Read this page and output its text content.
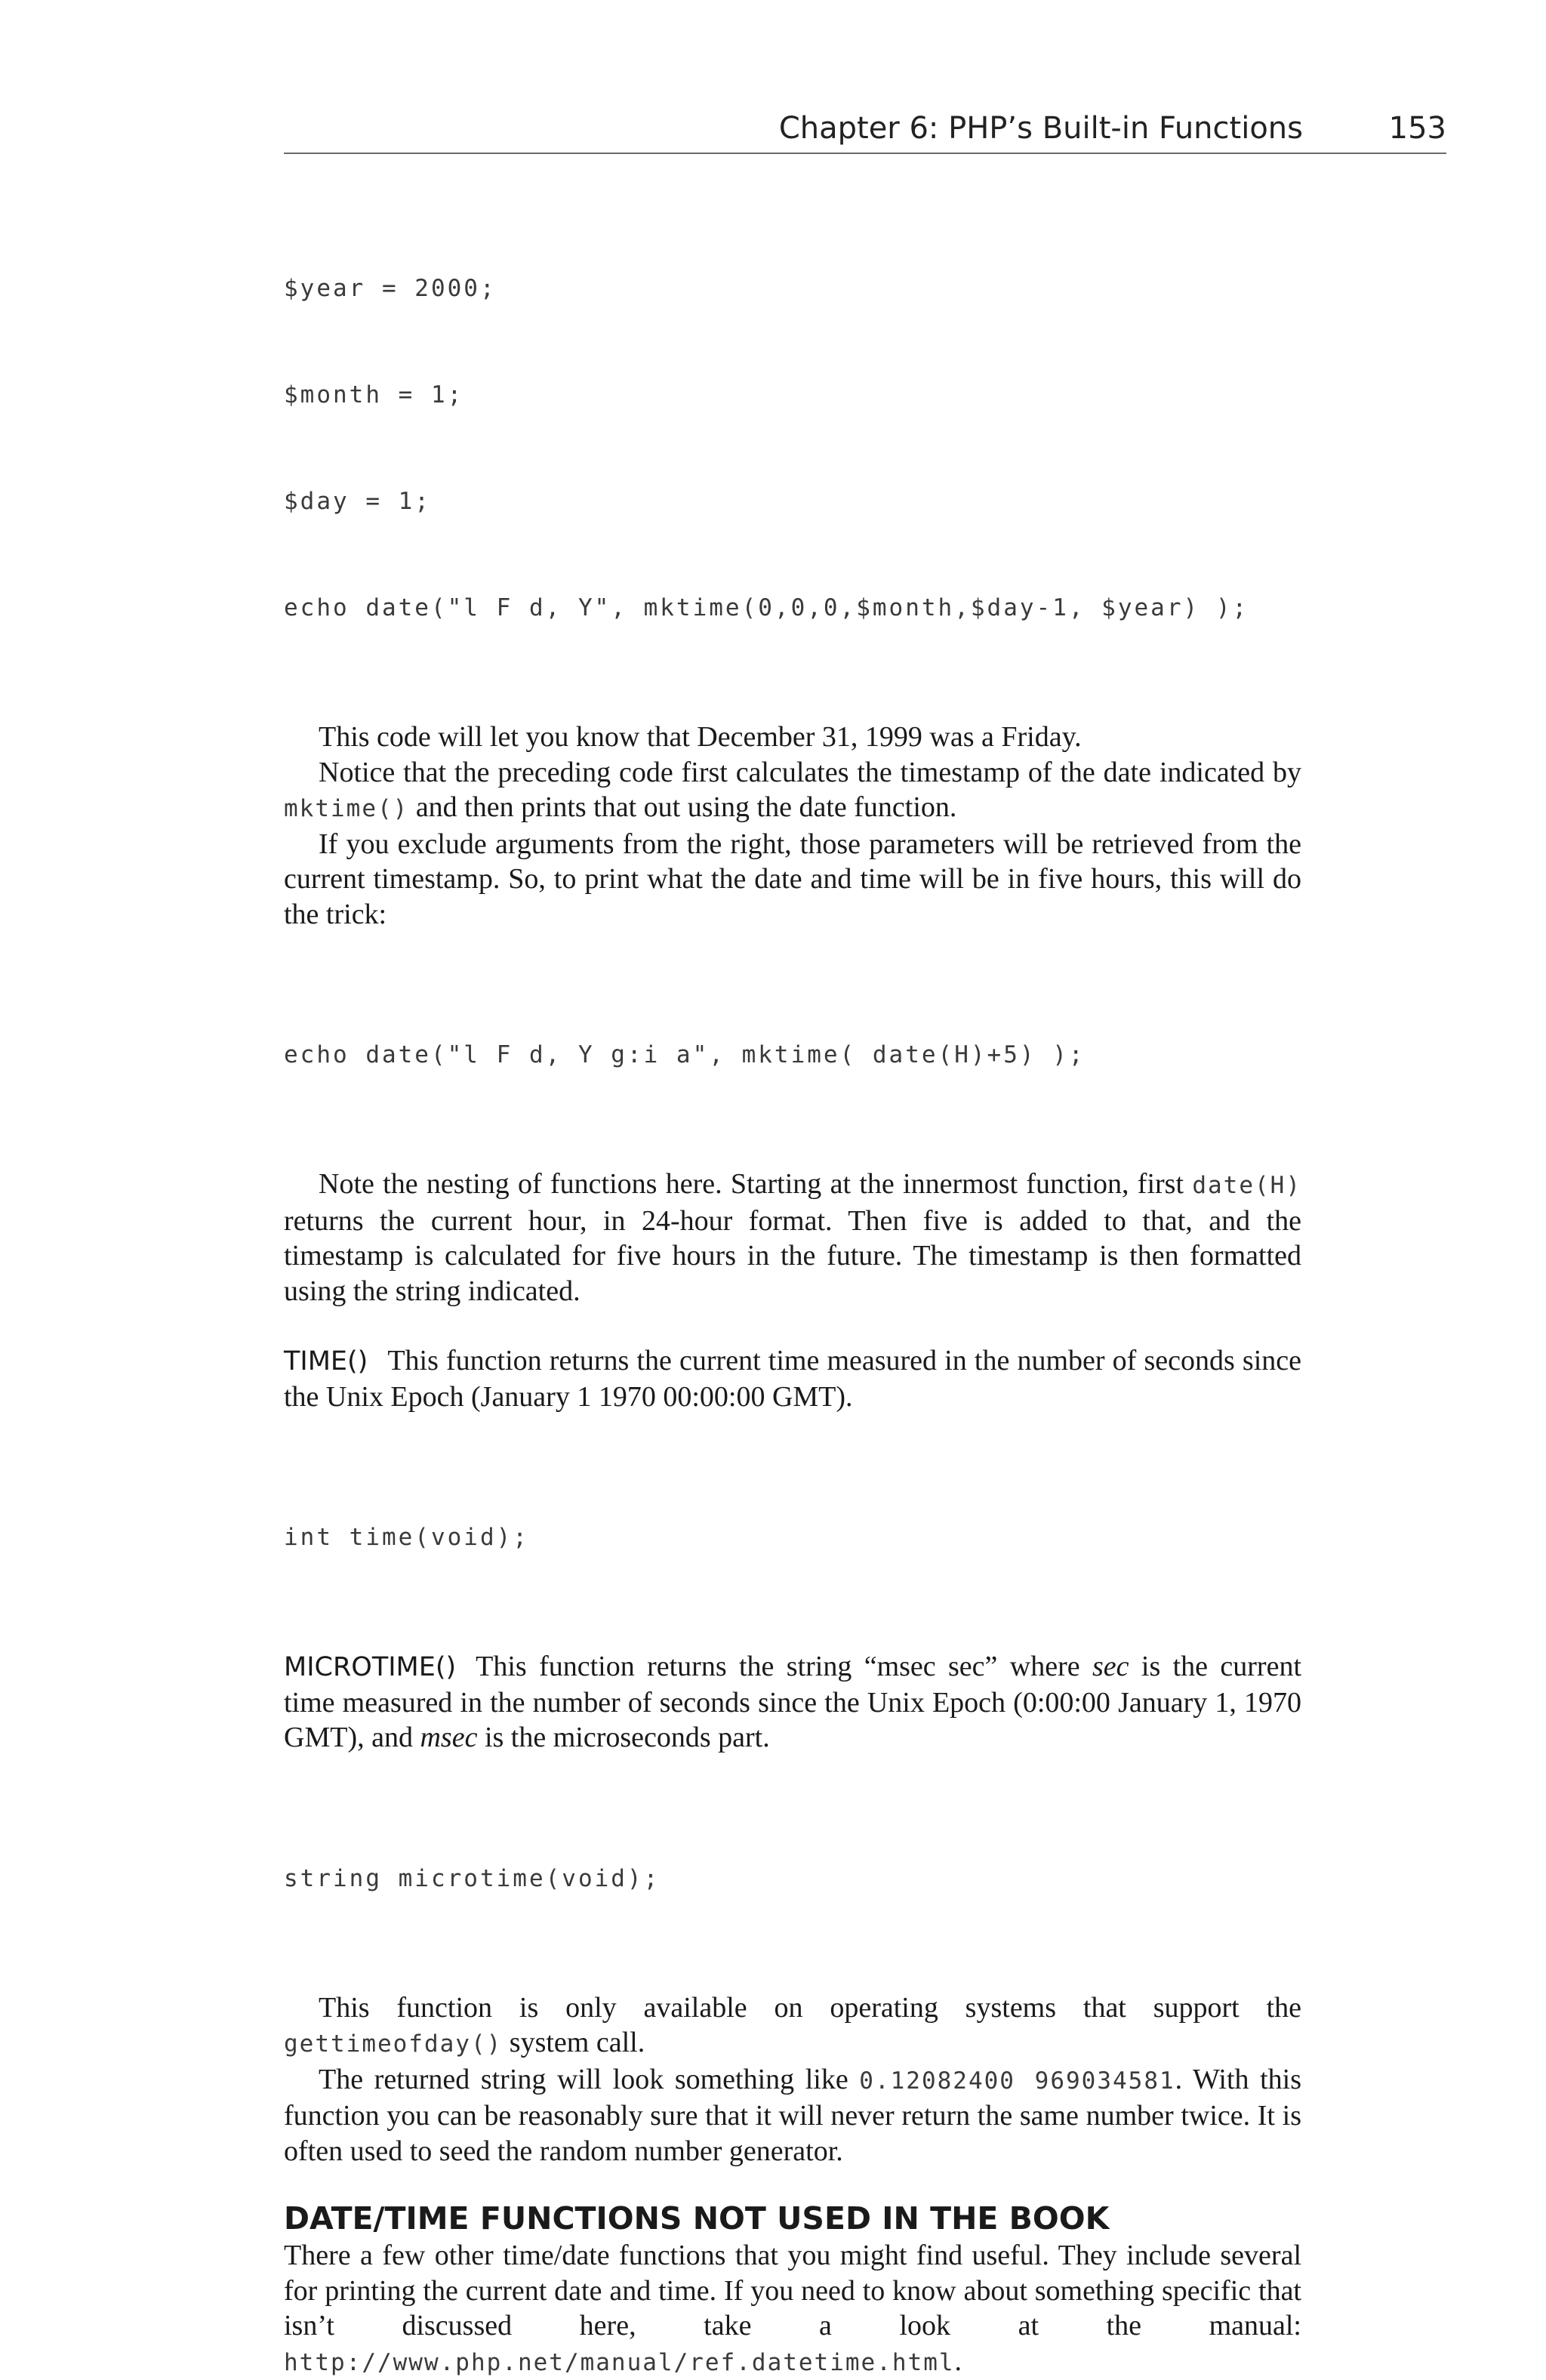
Chapter 6: PHP’s Built-in Functions	153

$year = 2000;

$month = 1;

$day = 1;

echo date("l F d, Y", mktime(0,0,0,$month,$day-1, $year) );

This code will let you know that December 31, 1999 was a Friday.

Notice that the preceding code first calculates the timestamp of the date indicated by mktime() and then prints that out using the date function.

If you exclude arguments from the right, those parameters will be retrieved from the current timestamp. So, to print what the date and time will be in five hours, this will do the trick:

echo date("l F d, Y g:i a", mktime( date(H)+5) );

Note the nesting of functions here. Starting at the innermost function, first date(H) returns the current hour, in 24-hour format. Then five is added to that, and the timestamp is calculated for five hours in the future. The timestamp is then formatted using the string indicated.

TIME() This function returns the current time measured in the number of seconds since the Unix Epoch (January 1 1970 00:00:00 GMT).

int time(void);

MICROTIME() This function returns the string “msec sec” where sec is the current time measured in the number of seconds since the Unix Epoch (0:00:00 January 1, 1970 GMT), and msec is the microseconds part.

string microtime(void);

This function is only available on operating systems that support the gettimeofday() system call.

The returned string will look something like 0.12082400 969034581. With this function you can be reasonably sure that it will never return the same number twice. It is often used to seed the random number generator.

DATE/TIME FUNCTIONS NOT USED IN THE BOOK

There a few other time/date functions that you might find useful. They include several for printing the current date and time. If you need to know about something specific that isn’t discussed here, take a look at the manual: http://www.php.net/manual/ref.datetime.html.
